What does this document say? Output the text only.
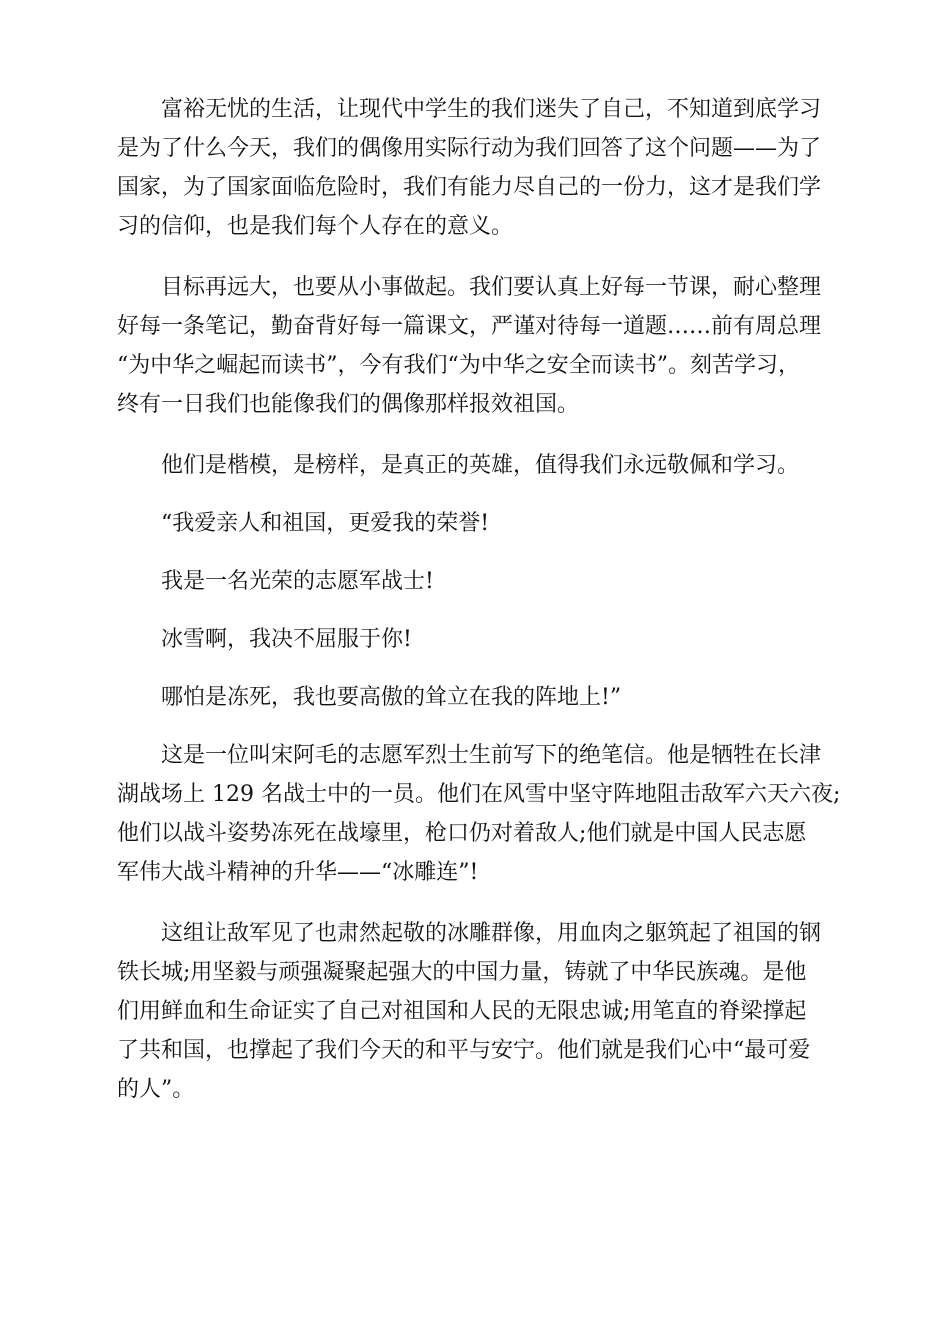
富裕无忧的生活，让现代中学生的我们迷失了自己，不知道到底学习
是为了什么今天，我们的偶像用实际行动为我们回答了这个问题——为了
国家，为了国家面临危险时，我们有能力尽自己的一份力，这才是我们学
习的信仰，也是我们每个人存在的意义。

目标再远大，也要从小事做起。我们要认真上好每一节课，耐心整理
好每一条笔记，勤奋背好每一篇课文，严谨对待每一道题……前有周总理
“为中华之崛起而读书”，今有我们“为中华之安全而读书”。刻苦学习，
终有一日我们也能像我们的偶像那样报效祖国。

他们是楷模，是榜样，是真正的英雄，值得我们永远敬佩和学习。

“我爱亲人和祖国，更爱我的荣誉!

我是一名光荣的志愿军战士!

冰雪啊，我决不屈服于你!

哪怕是冻死，我也要高傲的耸立在我的阵地上!”

这是一位叫宋阿毛的志愿军烈士生前写下的绝笔信。他是牺牲在长津
湖战场上 129 名战士中的一员。他们在风雪中坚守阵地阻击敌军六天六夜;
他们以战斗姿势冻死在战壕里，枪口仍对着敌人;他们就是中国人民志愿
军伟大战斗精神的升华——“冰雕连”!

这组让敌军见了也肃然起敬的冰雕群像，用血肉之躯筑起了祖国的钢
铁长城;用坚毅与顽强凝聚起强大的中国力量，铸就了中华民族魂。是他
们用鲜血和生命证实了自己对祖国和人民的无限忠诚;用笔直的脊梁撑起
了共和国，也撑起了我们今天的和平与安宁。他们就是我们心中“最可爱
的人”。
